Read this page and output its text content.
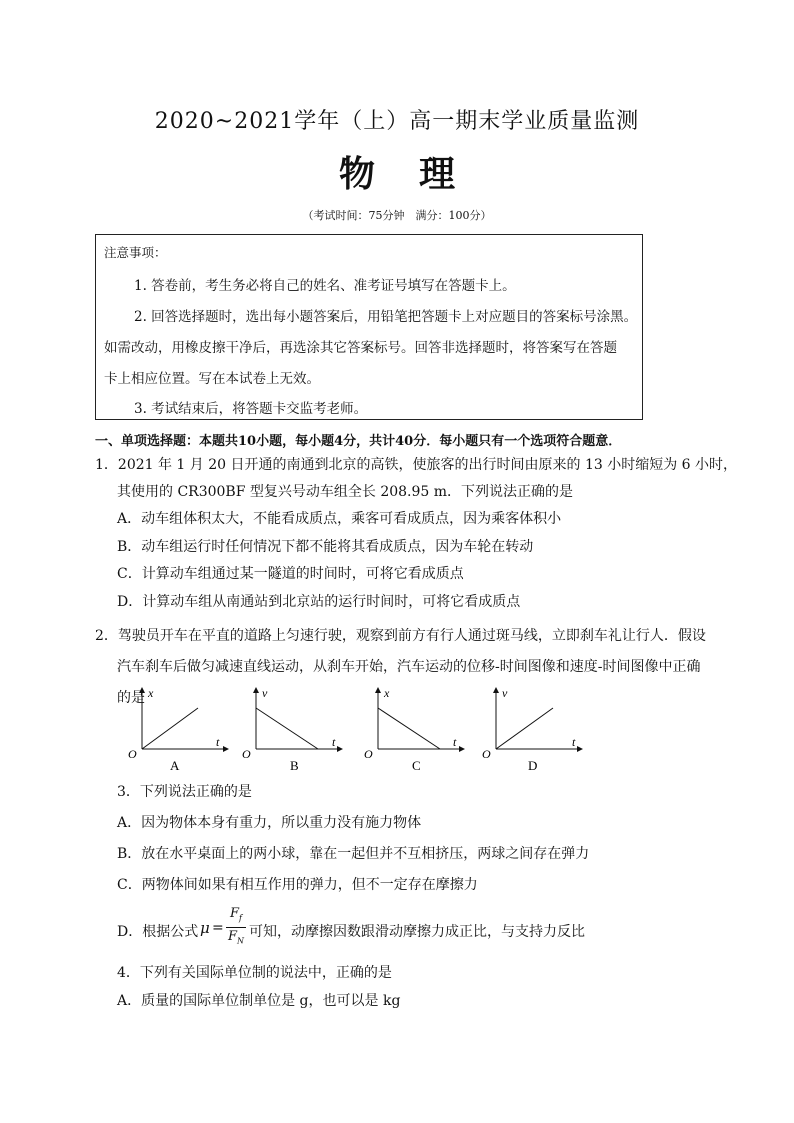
2020~2021学年（上）高一期末学业质量监测
物理
（考试时间：75分钟　满分：100分）
注意事项：
1. 答卷前，考生务必将自己的姓名、准考证号填写在答题卡上。
2. 回答选择题时，选出每小题答案后，用铅笔把答题卡上对应题目的答案标号涂黑。
如需改动，用橡皮擦干净后，再选涂其它答案标号。回答非选择题时，将答案写在答题
卡上相应位置。写在本试卷上无效。
3. 考试结束后，将答题卡交监考老师。
一、单项选择题：本题共10小题，每小题4分，共计40分．每小题只有一个选项符合题意．
1．2021 年 1 月 20 日开通的南通到北京的高铁，使旅客的出行时间由原来的 13 小时缩短为 6 小时，
其使用的 CR300BF 型复兴号动车组全长 208.95 m．下列说法正确的是
A．动车组体积太大，不能看成质点，乘客可看成质点，因为乘客体积小
B．动车组运行时任何情况下都不能将其看成质点，因为车轮在转动
C．计算动车组通过某一隧道的时间时，可将它看成质点
D．计算动车组从南通站到北京站的运行时间时，可将它看成质点
2．驾驶员开车在平直的道路上匀速行驶，观察到前方有行人通过斑马线，立即刹车礼让行人．假设
汽车刹车后做匀减速直线运动，从刹车开始，汽车运动的位移-时间图像和速度-时间图像中正确
的是 x
t
O
A
v
t
O
B
x
t
O
C
v
t
O
D
3．下列说法正确的是
A．因为物体本身有重力，所以重力没有施力物体
B．放在水平桌面上的两小球，靠在一起但并不互相挤压，两球之间存在弹力
C．两物体间如果有相互作用的弹力，但不一定存在摩擦力
D．根据公式 μ =
$F_f$
$F_N$
可知，动摩擦因数跟滑动摩擦力成正比，与支持力反比
4．下列有关国际单位制的说法中，正确的是
A．质量的国际单位制单位是 g，也可以是 kg
